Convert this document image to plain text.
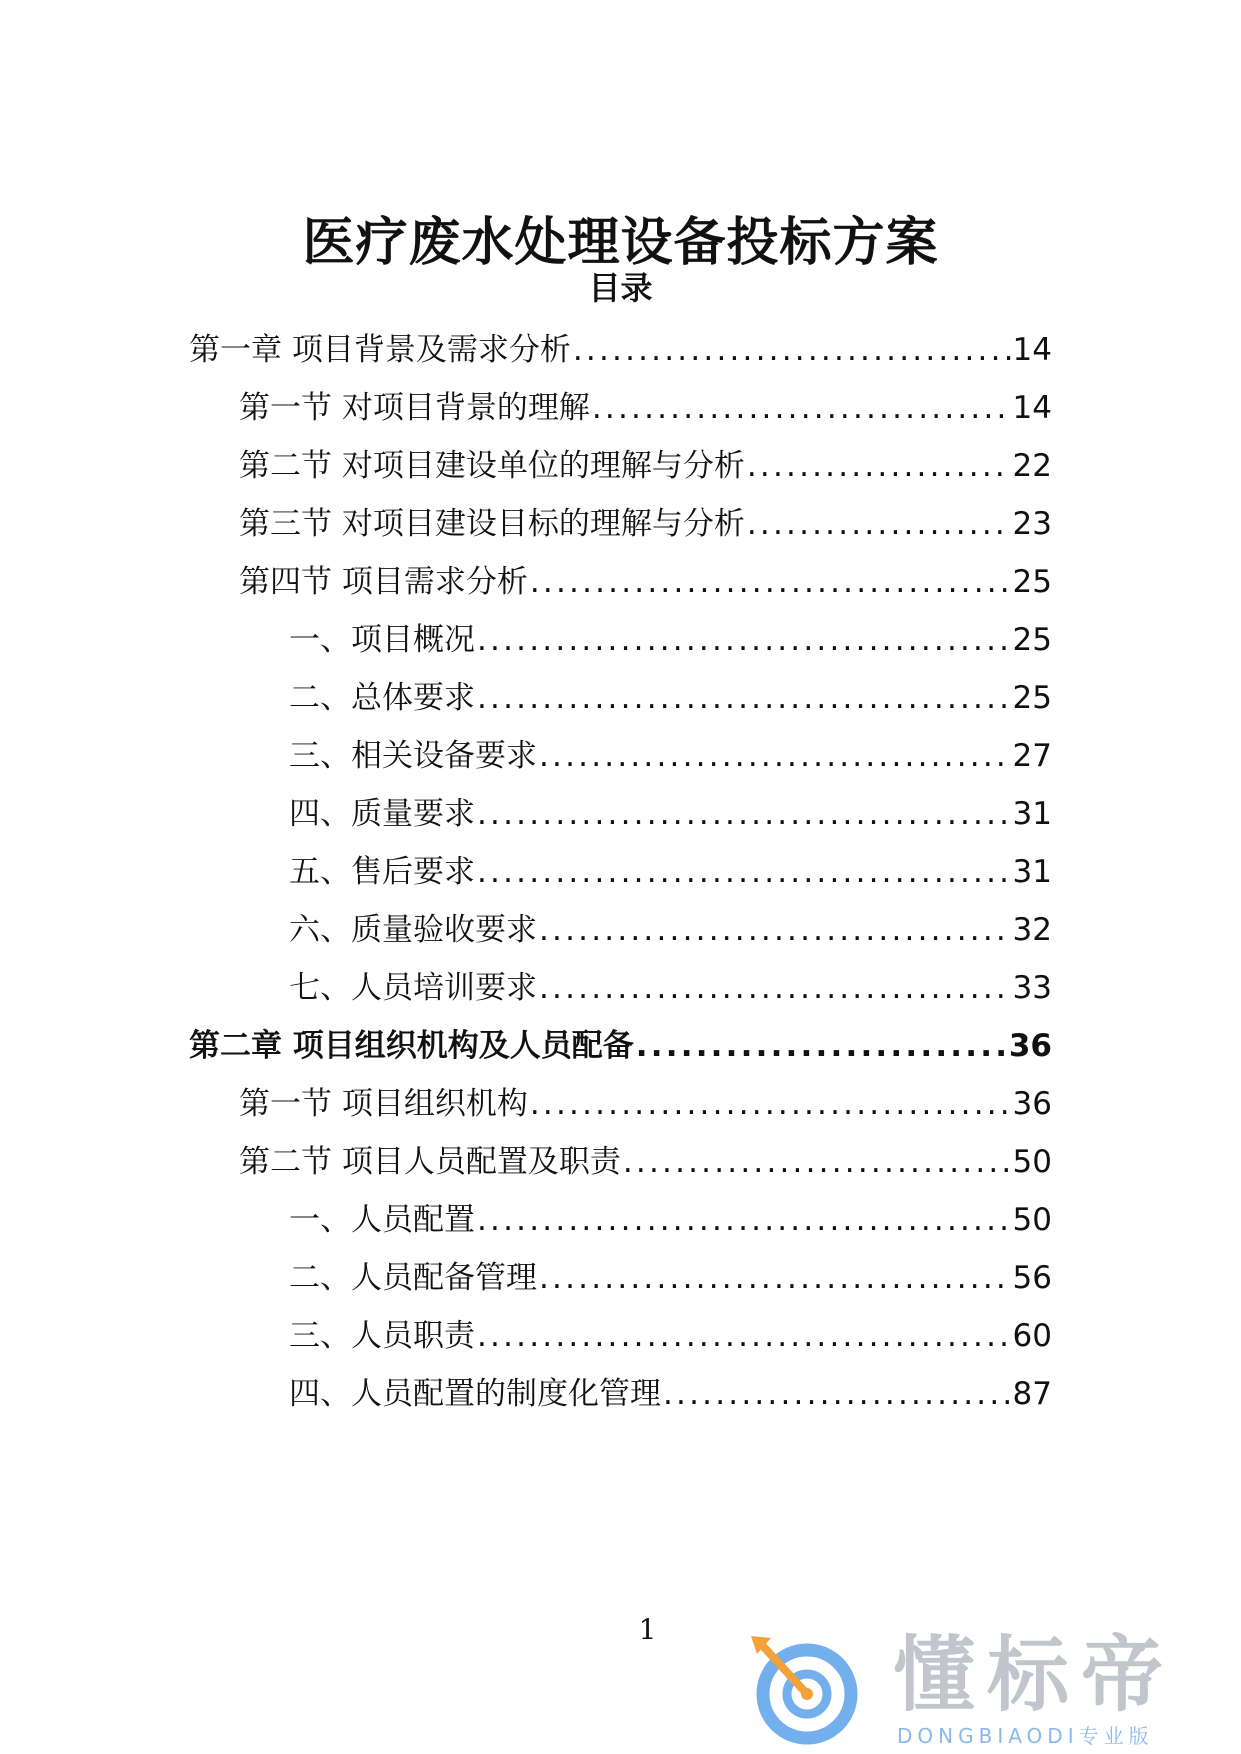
医疗废水处理设备投标方案
目录
第一章 项目背景及需求分析 .....	14
第一节 对项目背景的理解 .....	14
第二节 对项目建设单位的理解与分析 .....	22
第三节 对项目建设目标的理解与分析 .....	23
第四节 项目需求分析 .....	25
一、项目概况 .....	25
二、总体要求 .....	25
三、相关设备要求 .....	27
四、质量要求 .....	31
五、售后要求 .....	31
六、质量验收要求 .....	32
七、人员培训要求 .....	33
第二章 项目组织机构及人员配备 .....	36
第一节 项目组织机构 .....	36
第二节 项目人员配置及职责 .....	50
一、人员配置 .....	50
二、人员配备管理 .....	56
三、人员职责 .....	60
四、人员配置的制度化管理 .....	87
1	懂标帝
DONGBIAODI专业版
